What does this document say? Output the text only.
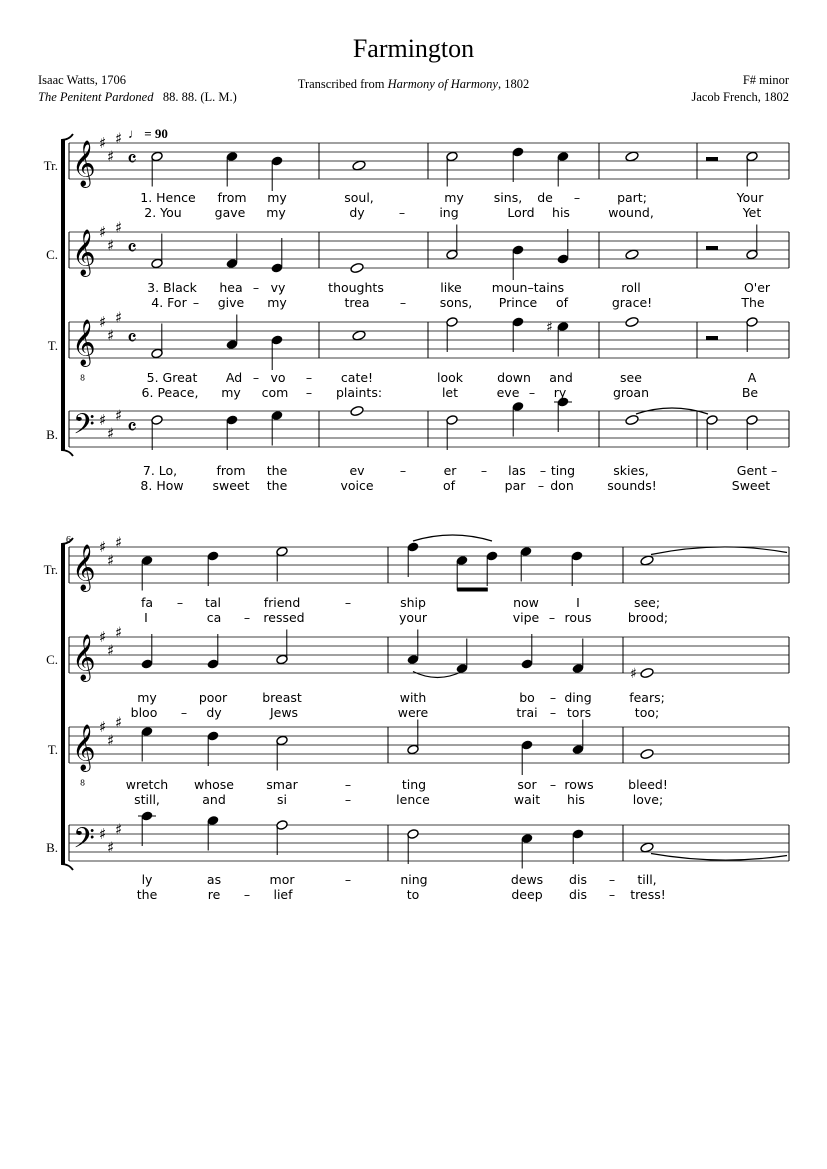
Farmington
Isaac Watts, 1706
The Penitent Pardoned 88. 88. (L. M.)
Transcribed from Harmony of Harmony, 1802	F# minor
Jacob French, 1802
♩ = 90
6
Tr.
C.
T.
B.
Tr.
C.
T.
B.
𝄞 ♯
♯
♯
𝄞 ♯
♯
♯
𝄞
8
♯
♯
♯
𝄢 ♯
♯
♯
𝄞 ♯
♯
♯
𝄞 ♯
♯
♯
𝄞
8
♯
♯
♯
𝄢 ♯
♯
♯
𝄴
𝄴
𝄴
𝄴
♯
♯
1. Hence from my	soul,	my sins, de –	part;	Your
2. You	gave my	dy	–	ing	Lord his	wound,	Yet
3. Black hea – vy	thoughts	like moun–tains	roll	O'er
4. For – give my	trea –	sons, Prince of	grace!	The
5. Great Ad – vo – cate!	look	down and	see	A
6. Peace, my com – plaints:	let	eve – ry	groan	Be
7. Lo,	from the	ev	–	er – las – ting	skies,	Gent –
8. How sweet the	voice	of	par – don	sounds!	Sweet
fa – tal	friend	–	ship	now	I	see;
I	ca – ressed	your	vipe – rous	brood;
my	poor	breast	with	bo – ding	fears;
bloo – dy	Jews	were	trai – tors	too;
wretch whose	smar	–	ting	sor – rows	bleed!
still,	and	si	–	lence	wait his	love;
ly	as	mor	–	ning	dews dis – till,
the	re – lief	to	deep dis – tress!
